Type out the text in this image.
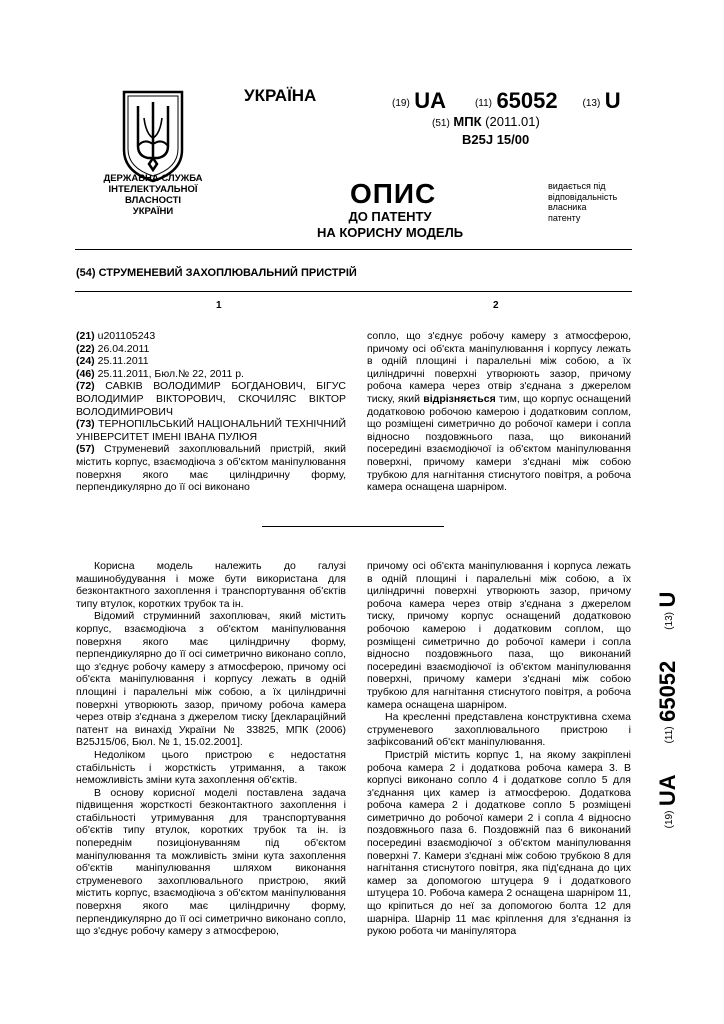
ДЕРЖАВНА СЛУЖБА
ІНТЕЛЕКТУАЛЬНОЇ
ВЛАСНОСТІ
УКРАЇНИ
УКРАЇНА	(19) UA	(11) 65052 (13) U
(51) МПК (2011.01)
B25J 15/00
ОПИС
ДО ПАТЕНТУ
НА КОРИСНУ МОДЕЛЬ
видається під
відповідальність
власника
патенту
(54) СТРУМЕНЕВИЙ ЗАХОПЛЮВАЛЬНИЙ ПРИСТРІЙ
1	2

(21) u201105243

(22) 26.04.2011

(24) 25.11.2011

(46) 25.11.2011, Бюл.№ 22, 2011 р.

(72) САВКІВ ВОЛОДИМИР БОГДАНОВИЧ, БІГУС ВОЛОДИМИР ВІКТОРОВИЧ, СКОЧИЛЯС ВІКТОР ВОЛОДИМИРОВИЧ

(73) ТЕРНОПІЛЬСЬКИЙ НАЦІОНАЛЬНИЙ ТЕХНІЧНИЙ УНІВЕРСИТЕТ ІМЕНІ ІВАНА ПУЛЮЯ

(57) Струменевий захоплювальний пристрій, який містить корпус, взаємодіюча з об'єктом маніпулювання поверхня якого має циліндричну форму, перпендикулярно до її осі виконано

сопло, що з'єднує робочу камеру з атмосферою, причому осі об'єкта маніпулювання і корпусу лежать в одній площині і паралельні між собою, а їх циліндричні поверхні утворюють зазор, причому робоча камера через отвір з'єднана з джерелом тиску, який відрізняється тим, що корпус оснащений додатковою робочою камерою і додатковим соплом, що розміщені симетрично до робочої камери і сопла відносно поздовжнього паза, що виконаний посередині взаємодіючої із об'єктом маніпулювання поверхні, причому камери з'єднані між собою трубкою для нагнітання стиснутого повітря, а робоча камера оснащена шарніром.

Корисна модель належить до галузі машинобудування і може бути використана для безконтактного захоплення і транспортування об'єктів типу втулок, коротких трубок та ін.

Відомий струминний захоплювач, який містить корпус, взаємодіюча з об'єктом маніпулювання поверхня якого має циліндричну форму, перпендикулярно до її осі симетрично виконано сопло, що з'єднує робочу камеру з атмосферою, причому осі об'єкта маніпулювання і корпусу лежать в одній площині і паралельні між собою, а їх циліндричні поверхні утворюють зазор, причому робоча камера через отвір з'єднана з джерелом тиску [деклараційний патент на винахід України № 33825, МПК (2006) B25J15/06, Бюл. № 1, 15.02.2001].

Недоліком цього пристрою є недостатня стабільність і жорсткість утримання, а також неможливість зміни кута захоплення об'єктів.

В основу корисної моделі поставлена задача підвищення жорсткості безконтактного захоплення і стабільності утримування для транспортування об'єктів типу втулок, коротких трубок та ін. із попереднім позиціонуванням під об'єктом маніпулювання та можливість зміни кута захоплення об'єктів маніпулювання шляхом виконання струменевого захоплювального пристрою, який містить корпус, взаємодіюча з об'єктом маніпулювання поверхня якого має циліндричну форму, перпендикулярно до її осі симетрично виконано сопло, що з'єднує робочу камеру з атмосферою,

причому осі об'єкта маніпулювання і корпуса лежать в одній площині і паралельні між собою, а їх циліндричні поверхні утворюють зазор, причому робоча камера через отвір з'єднана з джерелом тиску, причому корпус оснащений додатковою робочою камерою і додатковим соплом, що розміщені симетрично до робочої камери і сопла відносно поздовжнього паза, що виконаний посередині взаємодіючої із об'єктом маніпулювання поверхні, причому камери з'єднані між собою трубкою для нагнітання стиснутого повітря, а робоча камера оснащена шарніром.

На кресленні представлена конструктивна схема струменевого захоплювального пристрою і зафіксований об'єкт маніпулювання.

Пристрій містить корпус 1, на якому закріплені робоча камера 2 і додаткова робоча камера 3. В корпусі виконано сопло 4 і додаткове сопло 5 для з'єднання цих камер із атмосферою. Додаткова робоча камера 2 і додаткове сопло 5 розміщені симетрично до робочої камери 2 і сопла 4 відносно поздовжнього паза 6. Поздовжній паз 6 виконаний посередині взаємодіючої з об'єктом маніпулювання поверхні 7. Камери з'єднані між собою трубкою 8 для нагнітання стиснутого повітря, яка під'єднана до цих камер за допомогою штуцера 9 і додаткового штуцера 10. Робоча камера 2 оснащена шарніром 11, що кріпиться до неї за допомогою болта 12 для шарніра. Шарнір 11 має кріплення для з'єднання із рукою робота чи маніпулятора

(19) UA  (11) 65052  (13) U
